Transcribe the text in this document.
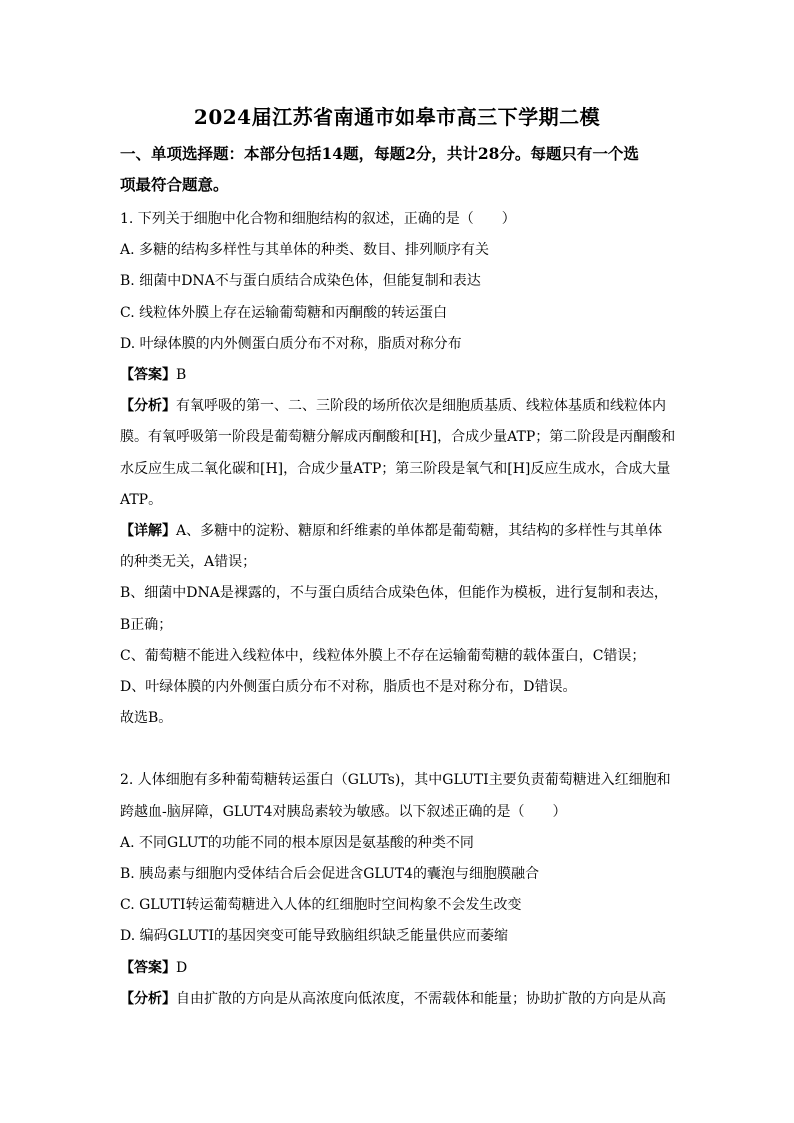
2024届江苏省南通市如皋市高三下学期二模
一、单项选择题：本部分包括14题，每题2分，共计28分。每题只有一个选
项最符合题意。
1. 下列关于细胞中化合物和细胞结构的叙述，正确的是（　　）
A. 多糖的结构多样性与其单体的种类、数目、排列顺序有关
B. 细菌中DNA不与蛋白质结合成染色体，但能复制和表达
C. 线粒体外膜上存在运输葡萄糖和丙酮酸的转运蛋白
D. 叶绿体膜的内外侧蛋白质分布不对称，脂质对称分布
【答案】B
【分析】有氧呼吸的第一、二、三阶段的场所依次是细胞质基质、线粒体基质和线粒体内
膜。有氧呼吸第一阶段是葡萄糖分解成丙酮酸和[H]，合成少量ATP；第二阶段是丙酮酸和
水反应生成二氧化碳和[H]，合成少量ATP；第三阶段是氧气和[H]反应生成水，合成大量
ATP。
【详解】A、多糖中的淀粉、糖原和纤维素的单体都是葡萄糖，其结构的多样性与其单体
的种类无关，A错误；
B、细菌中DNA是裸露的，不与蛋白质结合成染色体，但能作为模板，进行复制和表达，
B正确；
C、葡萄糖不能进入线粒体中，线粒体外膜上不存在运输葡萄糖的载体蛋白，C错误；
D、叶绿体膜的内外侧蛋白质分布不对称，脂质也不是对称分布，D错误。
故选B。
2. 人体细胞有多种葡萄糖转运蛋白（GLUTs)，其中GLUTI主要负责葡萄糖进入红细胞和
跨越血-脑屏障，GLUT4对胰岛素较为敏感。以下叙述正确的是（　　）
A. 不同GLUT的功能不同的根本原因是氨基酸的种类不同
B. 胰岛素与细胞内受体结合后会促进含GLUT4的囊泡与细胞膜融合
C. GLUTI转运葡萄糖进入人体的红细胞时空间构象不会发生改变
D. 编码GLUTI的基因突变可能导致脑组织缺乏能量供应而萎缩
【答案】D
【分析】自由扩散的方向是从高浓度向低浓度，不需载体和能量；协助扩散的方向是从高
